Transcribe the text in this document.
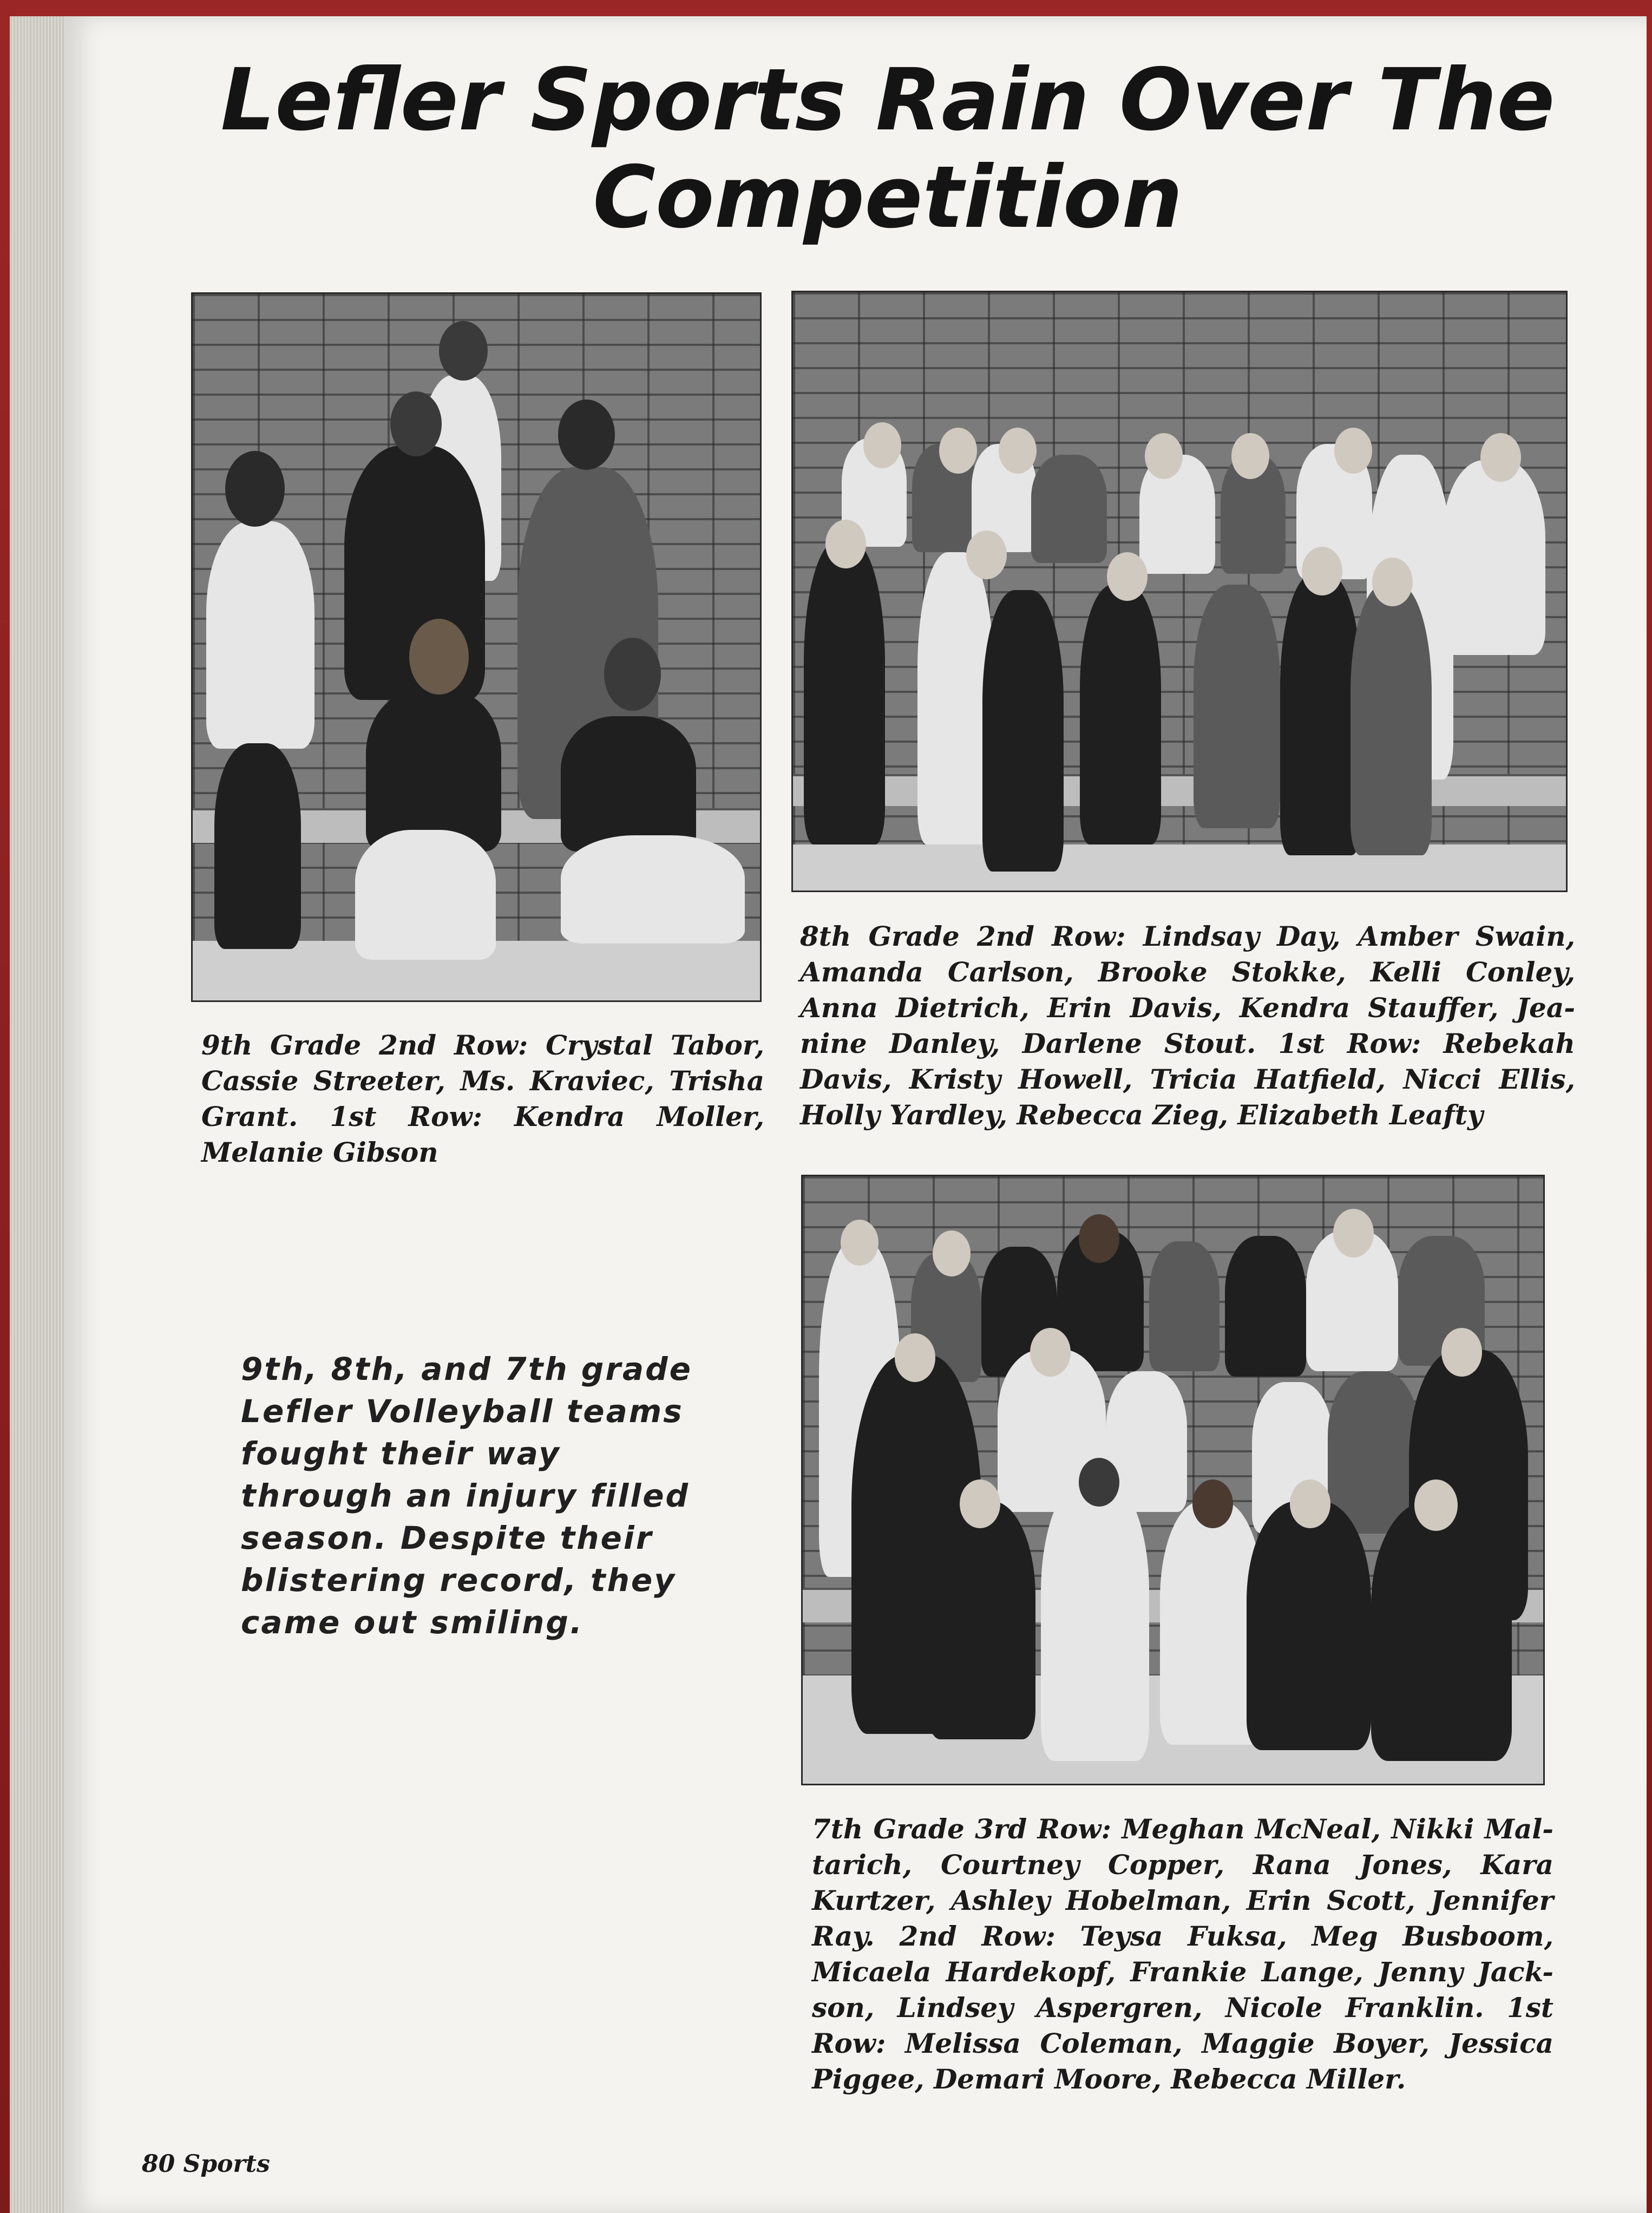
Lefler Sports Rain Over The
Competition

9th Grade 2nd Row: Crystal Tabor, Cassie Streeter, Ms. Kraviec, Trisha Grant. 1st Row: Kendra Moller, Melanie Gibson

8th Grade 2nd Row: Lindsay Day, Amber Swain, Amanda Carlson, Brooke Stokke, Kelli Conley, Anna Dietrich, Erin Davis, Kendra Stauffer, Jea-nine Danley, Darlene Stout. 1st Row: Rebekah Davis, Kristy Howell, Tricia Hatfield, Nicci Ellis, Holly Yardley, Rebecca Zieg, Elizabeth Leafty

7th Grade 3rd Row: Meghan McNeal, Nikki Mal-tarich, Courtney Copper, Rana Jones, Kara Kurtzer, Ashley Hobelman, Erin Scott, Jennifer Ray. 2nd Row: Teysa Fuksa, Meg Busboom, Micaela Hardekopf, Frankie Lange, Jenny Jack-son, Lindsey Aspergren, Nicole Franklin. 1st Row: Melissa Coleman, Maggie Boyer, Jessica Piggee, Demari Moore, Rebecca Miller.

9th, 8th, and 7th grade Lefler Volleyball teams fought their way through an injury filled season. Despite their blistering record, they came out smiling.

80 Sports
